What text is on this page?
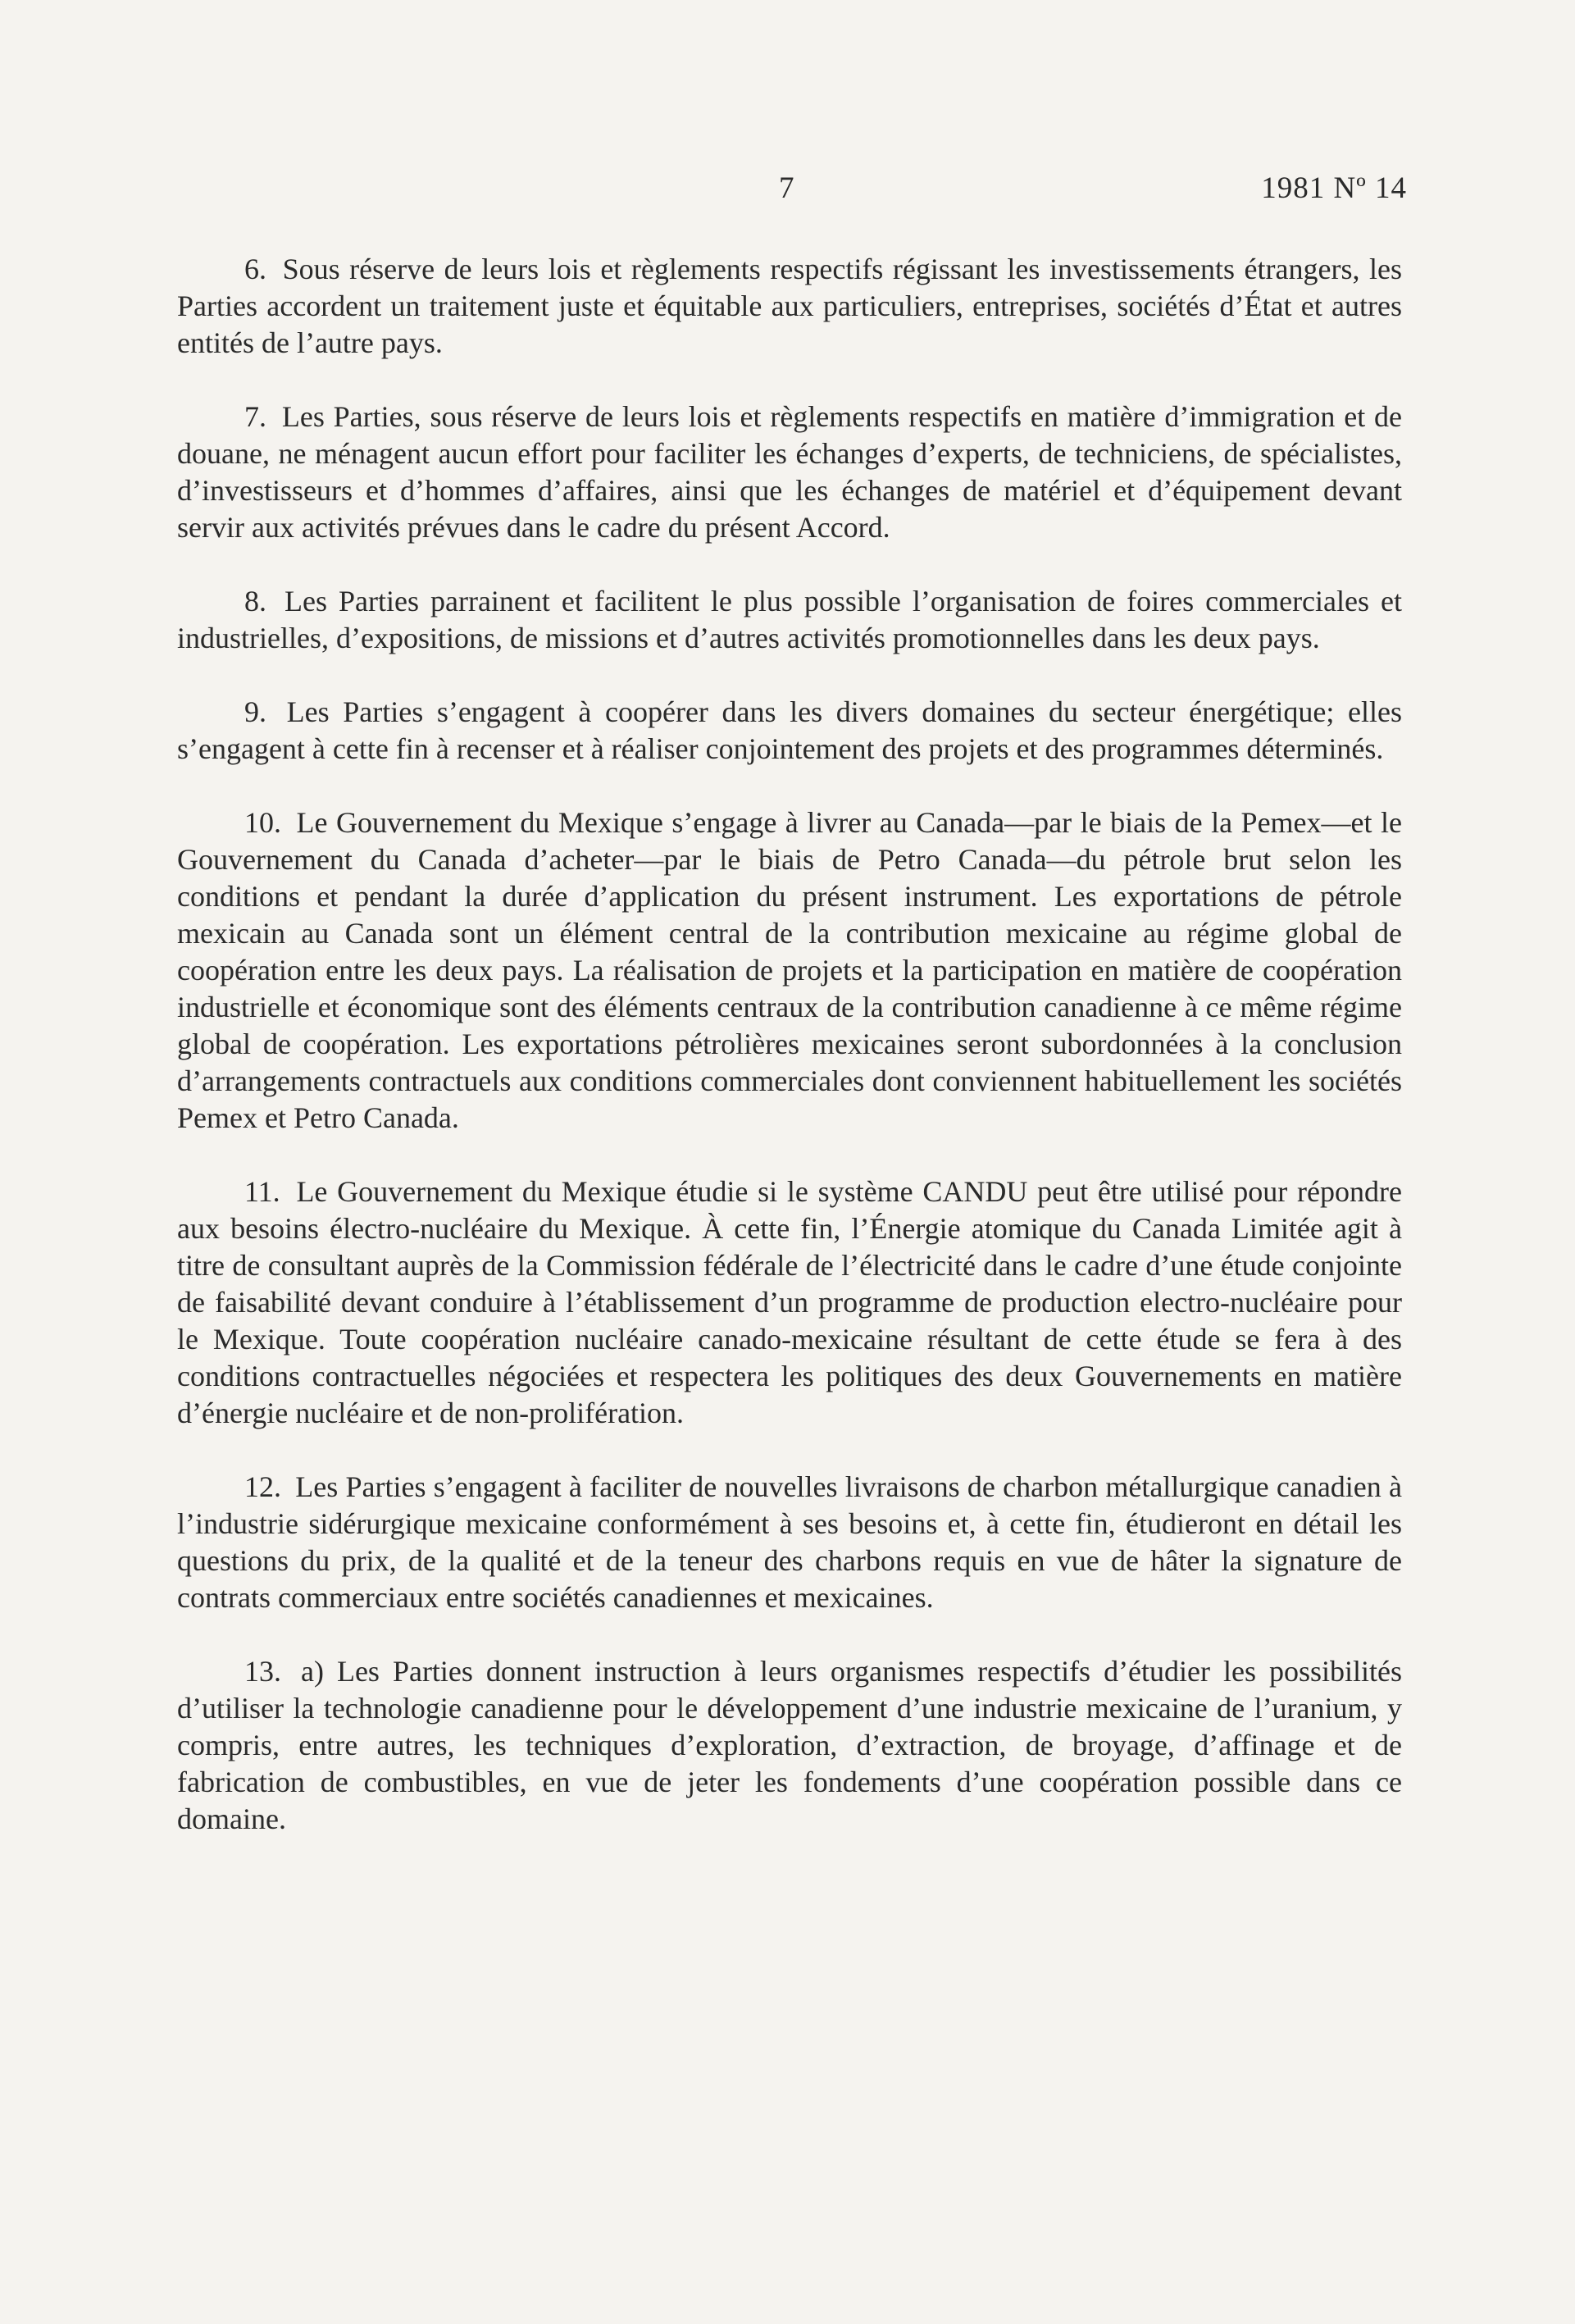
7	1981 Nº 14

6. Sous réserve de leurs lois et règlements respectifs régissant les investissements étrangers, les Parties accordent un traitement juste et équitable aux particuliers, entreprises, sociétés d’État et autres entités de l’autre pays.

7. Les Parties, sous réserve de leurs lois et règlements respectifs en matière d’immigration et de douane, ne ménagent aucun effort pour faciliter les échanges d’experts, de techniciens, de spécialistes, d’investisseurs et d’hommes d’affaires, ainsi que les échanges de matériel et d’équipement devant servir aux activités prévues dans le cadre du présent Accord.

8. Les Parties parrainent et facilitent le plus possible l’organisation de foires commerciales et industrielles, d’expositions, de missions et d’autres activités promotionnelles dans les deux pays.

9. Les Parties s’engagent à coopérer dans les divers domaines du secteur énergétique; elles s’engagent à cette fin à recenser et à réaliser conjointement des projets et des programmes déterminés.

10. Le Gouvernement du Mexique s’engage à livrer au Canada—par le biais de la Pemex—et le Gouvernement du Canada d’acheter—par le biais de Petro Canada—du pétrole brut selon les conditions et pendant la durée d’application du présent instrument. Les exportations de pétrole mexicain au Canada sont un élément central de la contribution mexicaine au régime global de coopération entre les deux pays. La réalisation de projets et la participation en matière de coopération industrielle et économique sont des éléments centraux de la contribution canadienne à ce même régime global de coopération. Les exportations pétrolières mexicaines seront subordonnées à la conclusion d’arrangements contractuels aux conditions commerciales dont conviennent habituellement les sociétés Pemex et Petro Canada.

11. Le Gouvernement du Mexique étudie si le système CANDU peut être utilisé pour répondre aux besoins électro-nucléaire du Mexique. À cette fin, l’Énergie atomique du Canada Limitée agit à titre de consultant auprès de la Commission fédérale de l’électricité dans le cadre d’une étude conjointe de faisabilité devant conduire à l’établissement d’un programme de production electro-nucléaire pour le Mexique. Toute coopération nucléaire canado-mexicaine résultant de cette étude se fera à des conditions contractuelles négociées et respectera les politiques des deux Gouvernements en matière d’énergie nucléaire et de non-prolifération.

12. Les Parties s’engagent à faciliter de nouvelles livraisons de charbon métallurgique canadien à l’industrie sidérurgique mexicaine conformément à ses besoins et, à cette fin, étudieront en détail les questions du prix, de la qualité et de la teneur des charbons requis en vue de hâter la signature de contrats commerciaux entre sociétés canadiennes et mexicaines.

13. a) Les Parties donnent instruction à leurs organismes respectifs d’étudier les possibilités d’utiliser la technologie canadienne pour le développement d’une industrie mexicaine de l’uranium, y compris, entre autres, les techniques d’exploration, d’extraction, de broyage, d’affinage et de fabrication de combustibles, en vue de jeter les fondements d’une coopération possible dans ce domaine.
